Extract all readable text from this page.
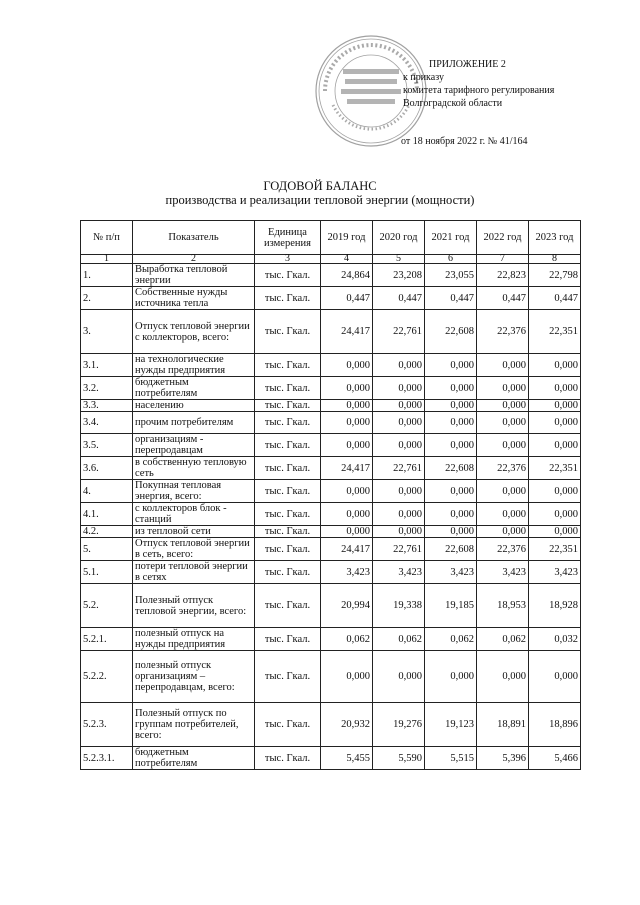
ПРИЛОЖЕНИЕ 2
к приказу
комитета тарифного регулирования
Волгоградской области
от 18 ноября 2022 г. № 41/164
ГОДОВОЙ БАЛАНС
производства и реализации тепловой энергии (мощности)
№ п/п	Показатель	Единица измерения	2019 год	2020 год	2021 год	2022 год	2023 год
1	2	3	4	5	6	7	8
1.	Выработка тепловой энергии	тыс. Гкал.	24,864	23,208	23,055	22,823	22,798
2.	Собственные нужды источника тепла	тыс. Гкал.	0,447	0,447	0,447	0,447	0,447
3.	Отпуск тепловой энергии с коллекторов, всего:	тыс. Гкал.	24,417	22,761	22,608	22,376	22,351
3.1.	на технологические нужды предприятия	тыс. Гкал.	0,000	0,000	0,000	0,000	0,000
3.2.	бюджетным потребителям	тыс. Гкал.	0,000	0,000	0,000	0,000	0,000
3.3.	населению	тыс. Гкал.	0,000	0,000	0,000	0,000	0,000
3.4.	прочим потребителям	тыс. Гкал.	0,000	0,000	0,000	0,000	0,000
3.5.	организациям - перепродавцам	тыс. Гкал.	0,000	0,000	0,000	0,000	0,000
3.6.	в собственную тепловую сеть	тыс. Гкал.	24,417	22,761	22,608	22,376	22,351
4.	Покупная тепловая энергия, всего:	тыс. Гкал.	0,000	0,000	0,000	0,000	0,000
4.1.	с коллекторов блок - станций	тыс. Гкал.	0,000	0,000	0,000	0,000	0,000
4.2.	из тепловой сети	тыс. Гкал.	0,000	0,000	0,000	0,000	0,000
5.	Отпуск тепловой энергии в сеть, всего:	тыс. Гкал.	24,417	22,761	22,608	22,376	22,351
5.1.	потери тепловой энергии в сетях	тыс. Гкал.	3,423	3,423	3,423	3,423	3,423
5.2.	Полезный отпуск тепловой энергии, всего:	тыс. Гкал.	20,994	19,338	19,185	18,953	18,928
5.2.1.	полезный отпуск на нужды предприятия	тыс. Гкал.	0,062	0,062	0,062	0,062	0,032
5.2.2.	полезный отпуск организациям – перепродавцам, всего:	тыс. Гкал.	0,000	0,000	0,000	0,000	0,000
5.2.3.	Полезный отпуск по группам потребителей, всего:	тыс. Гкал.	20,932	19,276	19,123	18,891	18,896
5.2.3.1.	бюджетным потребителям	тыс. Гкал.	5,455	5,590	5,515	5,396	5,466
